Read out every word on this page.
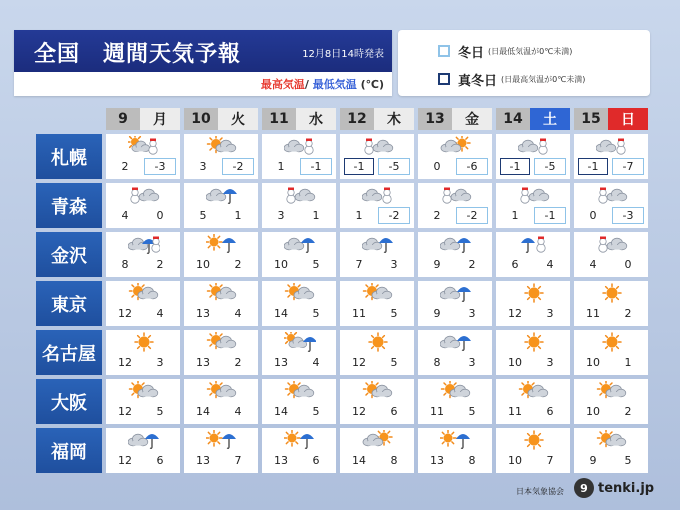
全国　週間天気予報	12月8日14時発表
最高気温/ 最低気温 (℃)
冬日 (日最低気温が0℃未満)
真冬日 (日最高気温が0℃未満)
9	月	10	火	11	水	12	木	13	金	14	土	15	日
札幌	2	-3	3	-2	1	-1	-1	-5	0	-6	-1	-5	-1	-7
青森	4	0	5	1	3	1	1	-2	2	-2	1	-1	0	-3
金沢	8	2	10	2	10	5	7	3	9	2	6	4	4	0
東京	12	4	13	4	14	5	11	5	9	3	12	3	11	2
名古屋	12	3	13	2	13	4	12	5	8	3	10	3	10	1
大阪	12	5	14	4	14	5	12	6	11	5	11	6	10	2
福岡	12	6	13	7	13	6	14	8	13	8	10	7	9	5
日本気象協会	9 tenki.jp
